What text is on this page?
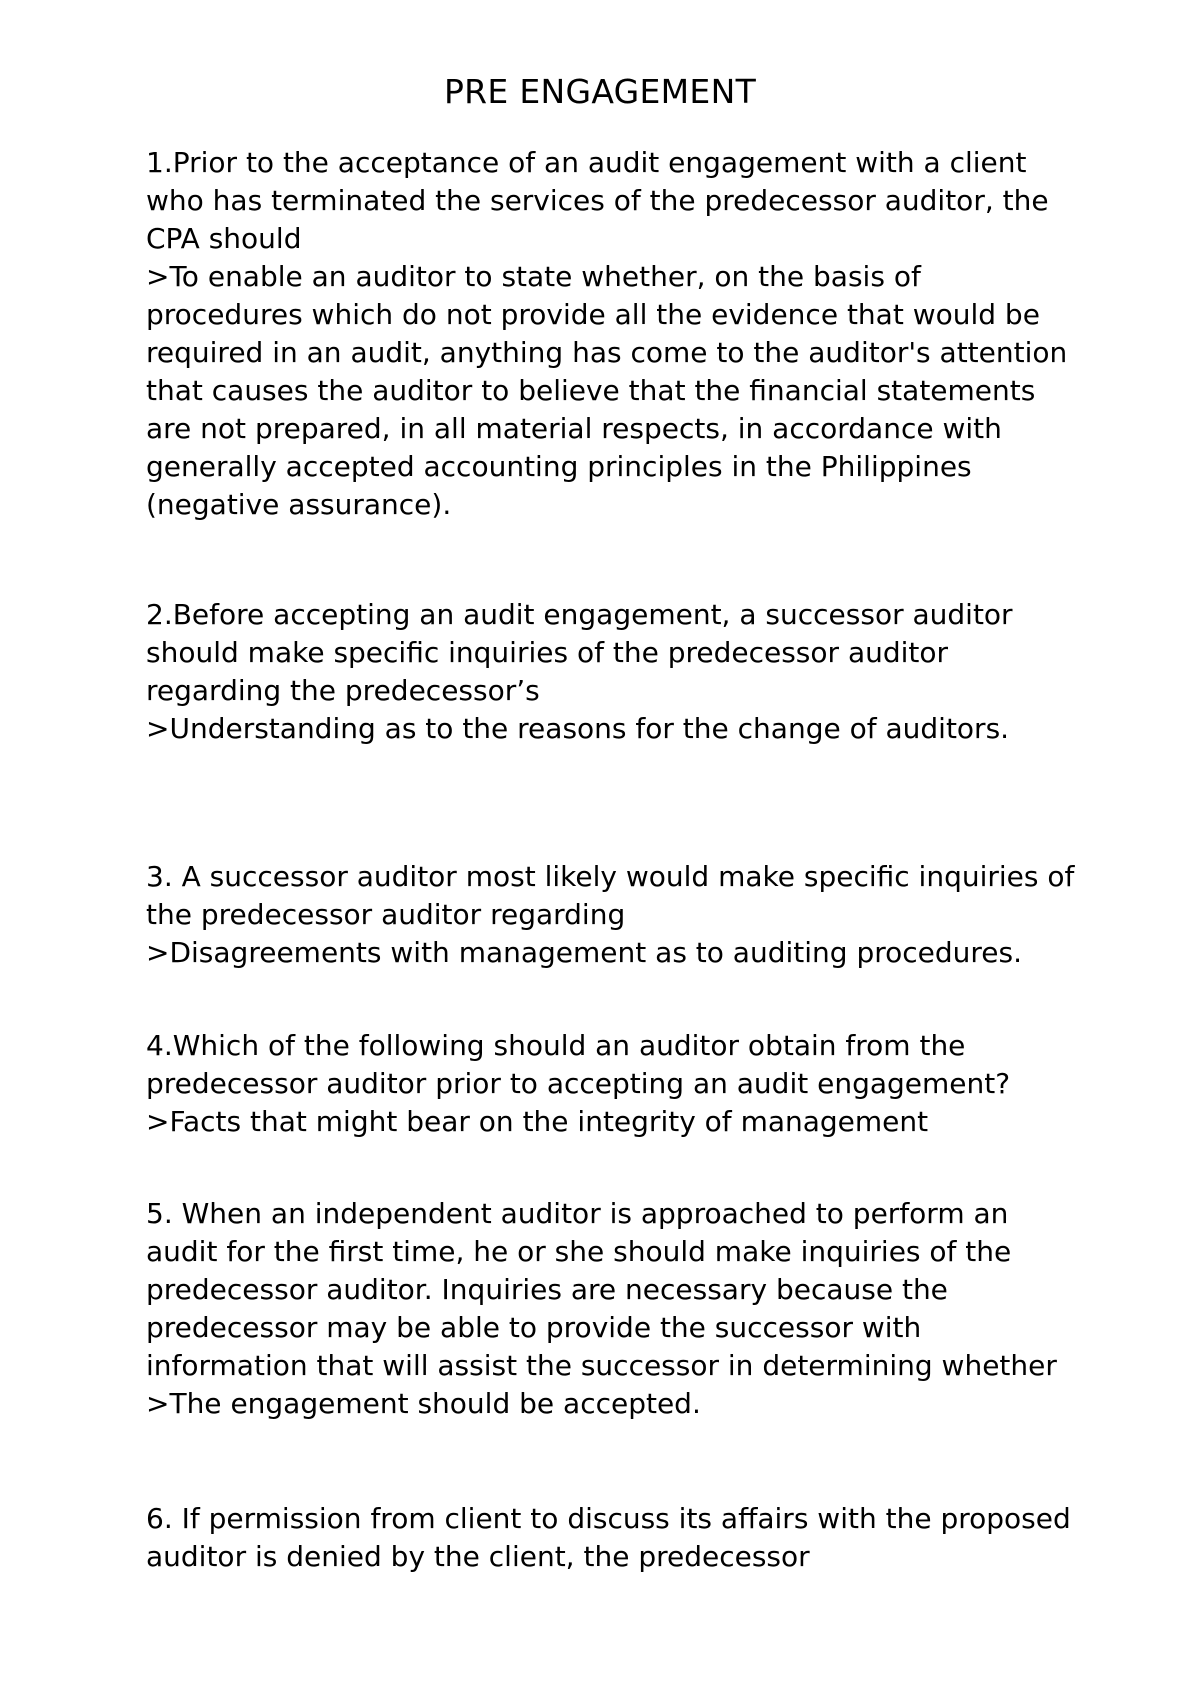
PRE ENGAGEMENT

1.Prior to the acceptance of an audit engagement with a client who has terminated the services of the predecessor auditor, the CPA should

>To enable an auditor to state whether, on the basis of procedures which do not provide all the evidence that would be required in an audit, anything has come to the auditor's attention that causes the auditor to believe that the financial statements are not prepared, in all material respects, in accordance with generally accepted accounting principles in the Philippines (negative assurance).

2.Before accepting an audit engagement, a successor auditor should make specific inquiries of the predecessor auditor regarding the predecessor’s

>Understanding as to the reasons for the change of auditors.

3. A successor auditor most likely would make specific inquiries of the predecessor auditor regarding

>Disagreements with management as to auditing procedures.

4.Which of the following should an auditor obtain from the predecessor auditor prior to accepting an audit engagement?

>Facts that might bear on the integrity of management

5. When an independent auditor is approached to perform an audit for the first time, he or she should make inquiries of the predecessor auditor. Inquiries are necessary because the predecessor may be able to provide the successor with information that will assist the successor in determining whether

>The engagement should be accepted.

6. If permission from client to discuss its affairs with the proposed auditor is denied by the client, the predecessor
